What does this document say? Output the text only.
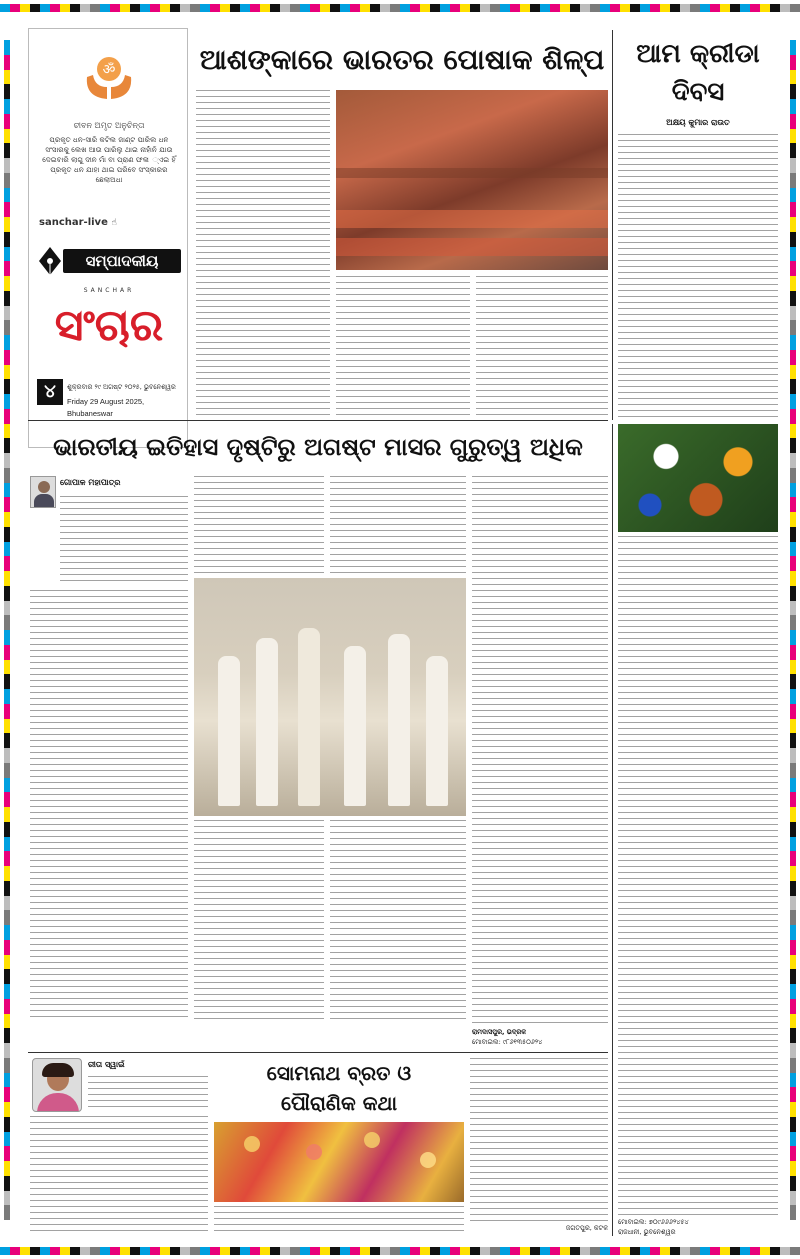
ॐ
ଚୀବନ ଅମୃତ ଅନୁଚିନ୍ତା
ପ୍ରକୃତ ଧନ-ସାରି କଟିଲ ଜାଣ୍ଟ ପାରିଲ ଧନ ସଂସାରକୁ ଲେଖ ଆଉ ପାରିଲୁ ଥାଇ ନାହାଁନି ଯାଉ ଦେଇବାରି ଲାଗୁ ଦୀନ ମାଁ ବା ପ୍ରାଣ ଫଳା ୍ଏଇ ହିଁ ପ୍ରକୃତ ଧନ ଯାହା ଥାଇ ପରିବେ ସଂସ୍କାରର ଛେଲାଅଧା
sanchar-live ☝
ସମ୍ପାଦକୀୟ
SANCHAR
ସଂଚାର
୪	ଶୁକ୍ରବାର ୨୯ ଅଗଷ୍ଟ ୨୦୨୫, ଭୁବନେଶ୍ୱର
Friday 29 August 2025,
Bhubaneswar
ଆଶଙ୍କାରେ ଭାରତର ପୋଷାକ ଶିଳ୍ପ	ଆମ କ୍ରୀଡା
ଦିବସ
ଅକ୍ଷୟ କୁମାର ରାଉତ
ମୋବାଇଲ: ୭୦୯୬୬୬୨୪୫୪
ରାଜଧାନୀ, ଭୁବନେଶ୍ୱର
ଭାରତୀୟ ଇତିହାସ ଦୃଷ୍ଟିରୁ ଅଗଷ୍ଟ ମାସର ଗୁରୁତ୍ୱ ଅଧିକ
ଗୋପାଳ ମହାପାତ୍ର
ରାମଦାସପୁର, ଭଦ୍ରକ
ମୋବାଇଲ: ୯୮୬୧୩୫୦୬୨୪
ରୀତା ସ୍ୱାଇଁ	ସୋମନାଥ ବ୍ରତ ଓ
ପୌରାଣିକ କଥା
ଜଗତପୁର, କଟକ
